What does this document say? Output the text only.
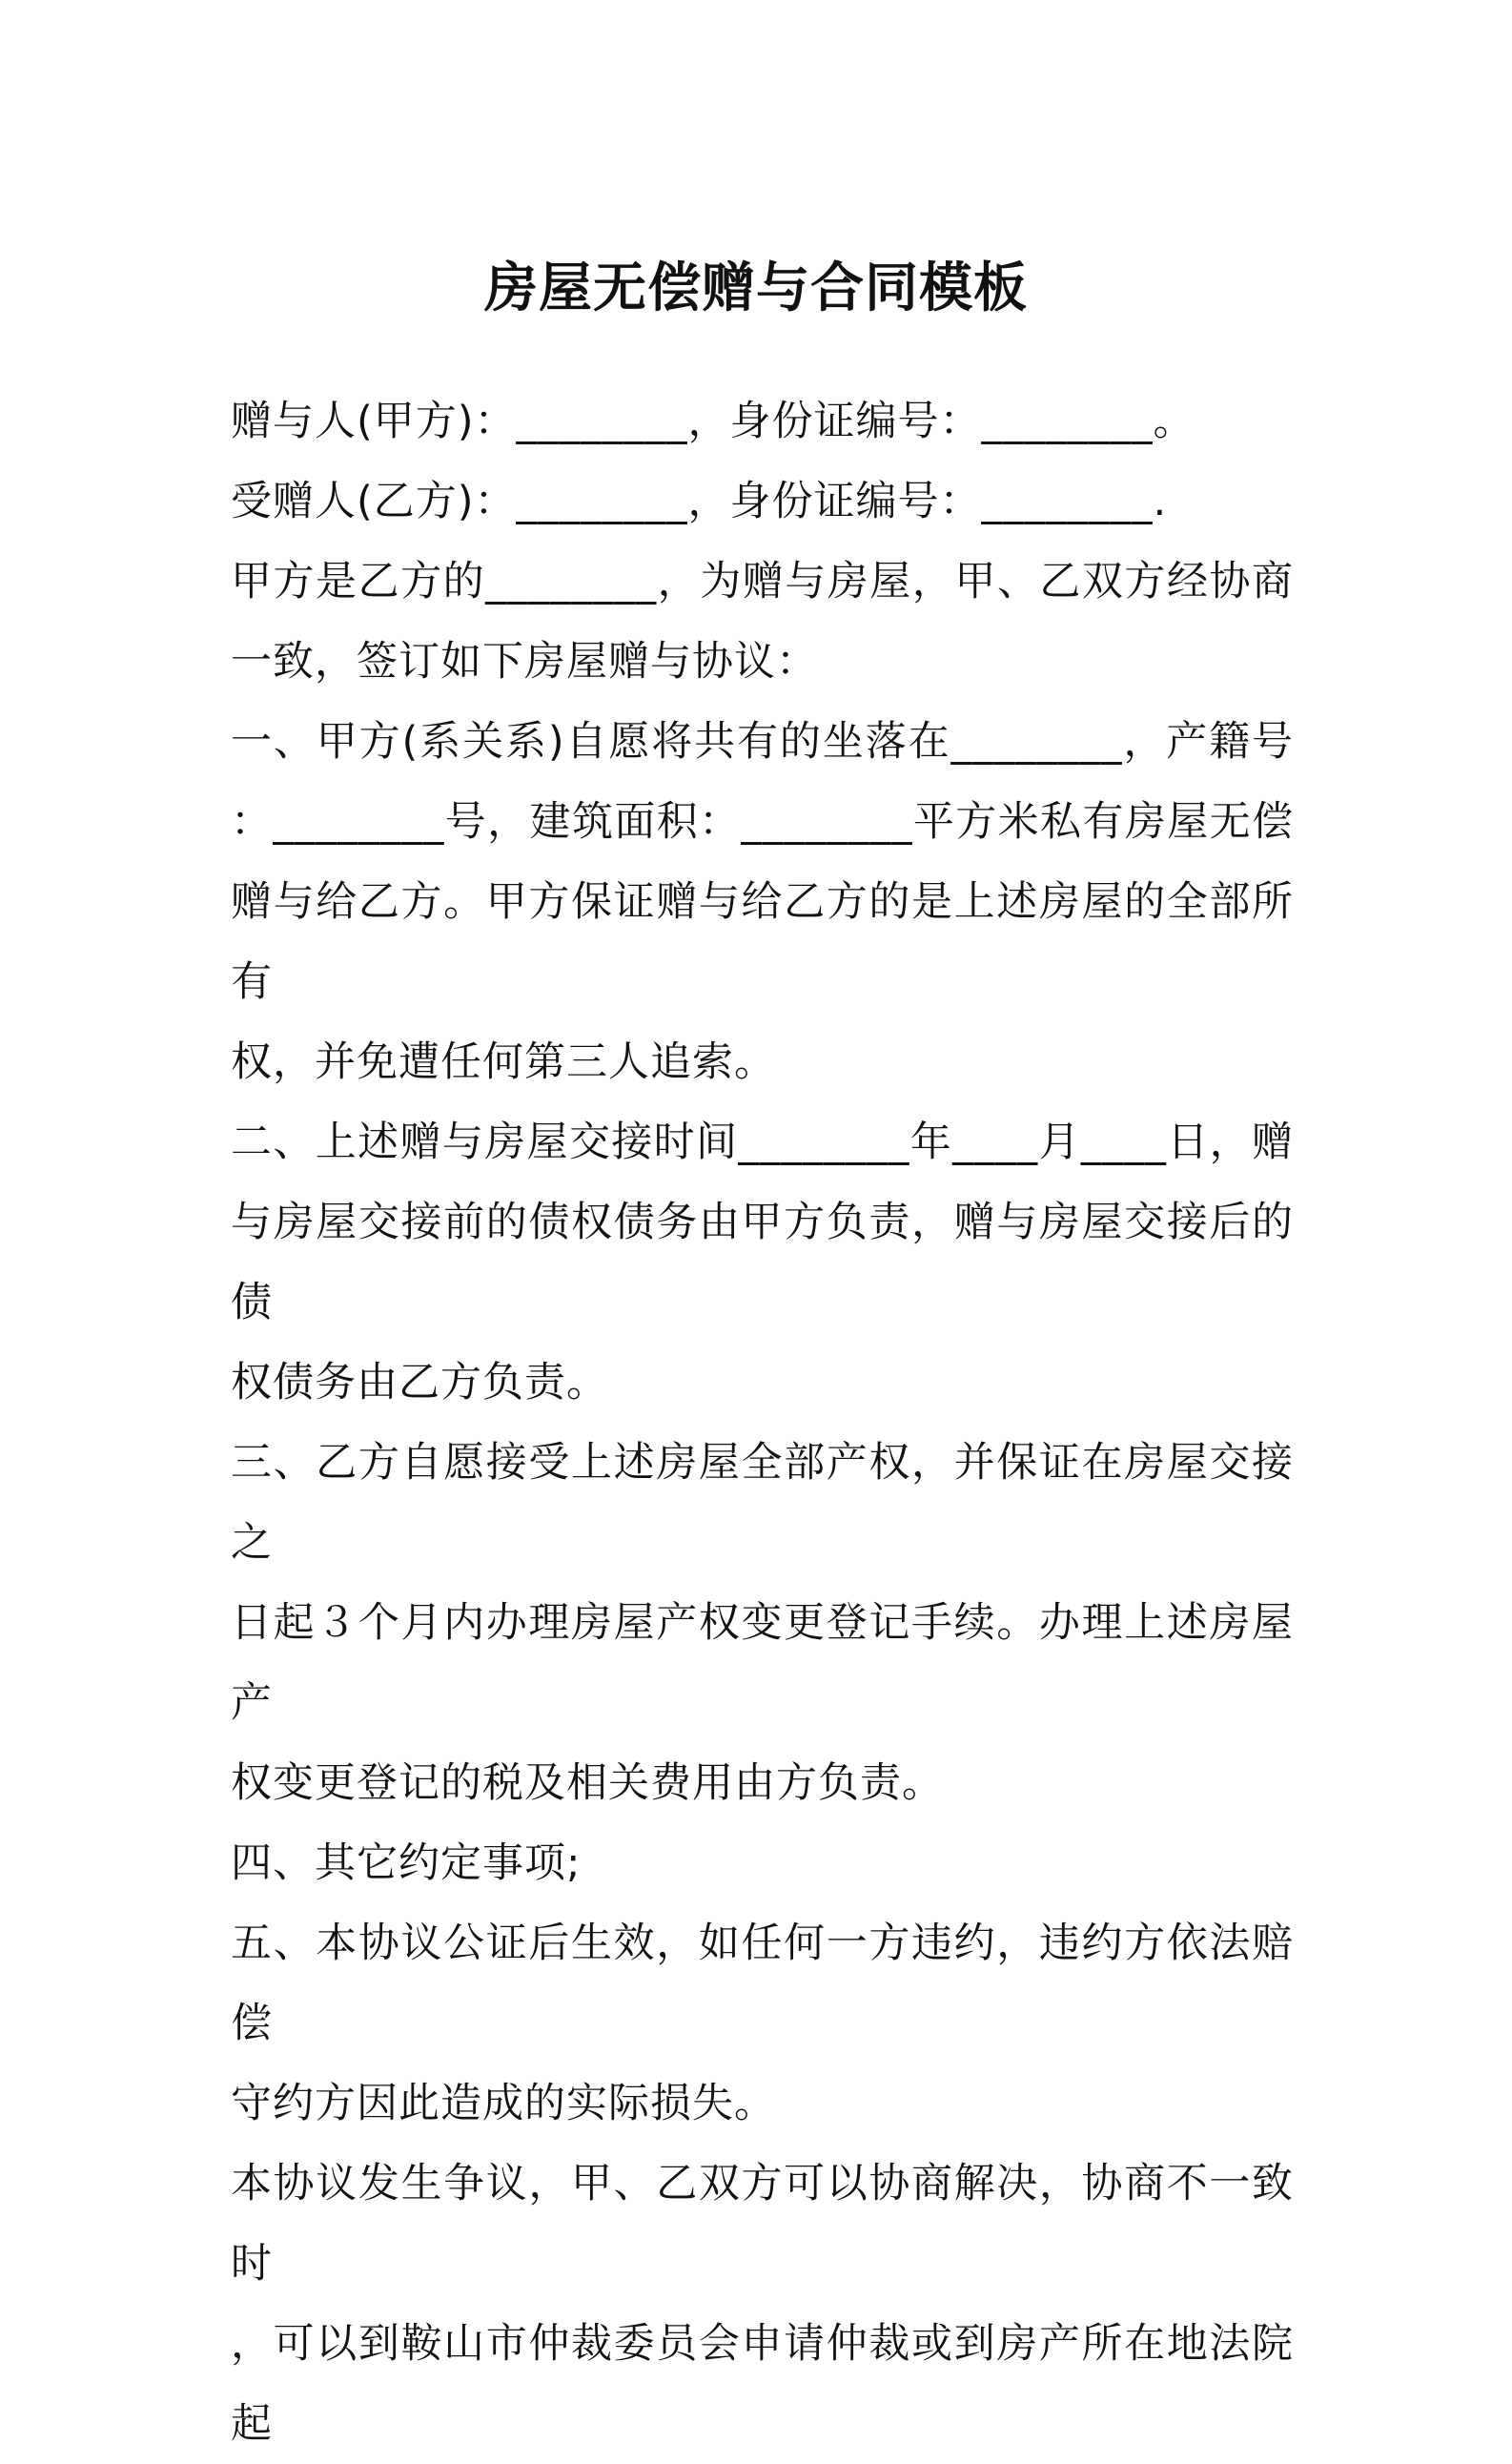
房屋无偿赠与合同模板
赠与人(甲方)：________，身份证编号：________。
受赠人(乙方)：________，身份证编号：________.
甲方是乙方的________，为赠与房屋，甲、乙双方经协商
一致，签订如下房屋赠与协议：
一、甲方(系关系)自愿将共有的坐落在________，产籍号
：________号，建筑面积：________平方米私有房屋无偿
赠与给乙方。甲方保证赠与给乙方的是上述房屋的全部所有
权，并免遭任何第三人追索。
二、上述赠与房屋交接时间________年____月____日，赠
与房屋交接前的债权债务由甲方负责，赠与房屋交接后的债
权债务由乙方负责。
三、乙方自愿接受上述房屋全部产权，并保证在房屋交接之
日起３个月内办理房屋产权变更登记手续。办理上述房屋产
权变更登记的税及相关费用由方负责。
四、其它约定事项;
五、本协议公证后生效，如任何一方违约，违约方依法赔偿
守约方因此造成的实际损失。
本协议发生争议，甲、乙双方可以协商解决，协商不一致时
，可以到鞍山市仲裁委员会申请仲裁或到房产所在地法院起
